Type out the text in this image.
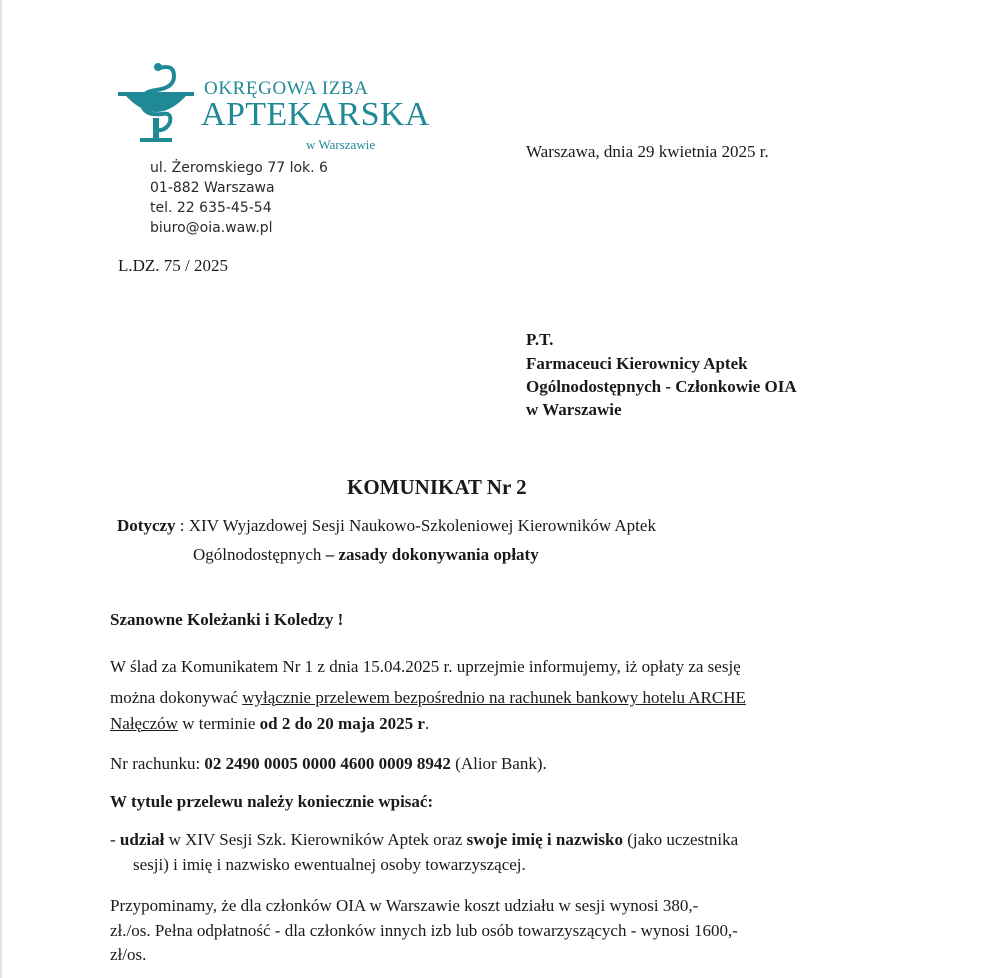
OKRĘGOWA IZBA
APTEKARSKA
w Warszawie
ul. Żeromskiego 77 lok. 6
01-882 Warszawa
tel. 22 635-45-54
biuro@oia.waw.pl
Warszawa, dnia 29 kwietnia 2025 r.
L.DZ. 75 / 2025
P.T.
Farmaceuci Kierownicy Aptek
Ogólnodostępnych - Członkowie OIA
w Warszawie
KOMUNIKAT Nr 2
Dotyczy : XIV Wyjazdowej Sesji Naukowo-Szkoleniowej Kierowników Aptek
Ogólnodostępnych – zasady dokonywania opłaty
Szanowne Koleżanki i Koledzy !
W ślad za Komunikatem Nr 1 z dnia 15.04.2025 r. uprzejmie informujemy, iż opłaty za sesję
można dokonywać wyłącznie przelewem bezpośrednio na rachunek bankowy hotelu ARCHE
Nałęczów w terminie od 2 do 20 maja 2025 r.
Nr rachunku: 02 2490 0005 0000 4600 0009 8942 (Alior Bank).
W tytule przelewu należy koniecznie wpisać:
- udział w XIV Sesji Szk. Kierowników Aptek oraz swoje imię i nazwisko (jako uczestnika
sesji) i imię i nazwisko ewentualnej osoby towarzyszącej.
Przypominamy, że dla członków OIA w Warszawie koszt udziału w sesji wynosi 380,-
zł./os. Pełna odpłatność - dla członków innych izb lub osób towarzyszących - wynosi 1600,-
zł/os.
